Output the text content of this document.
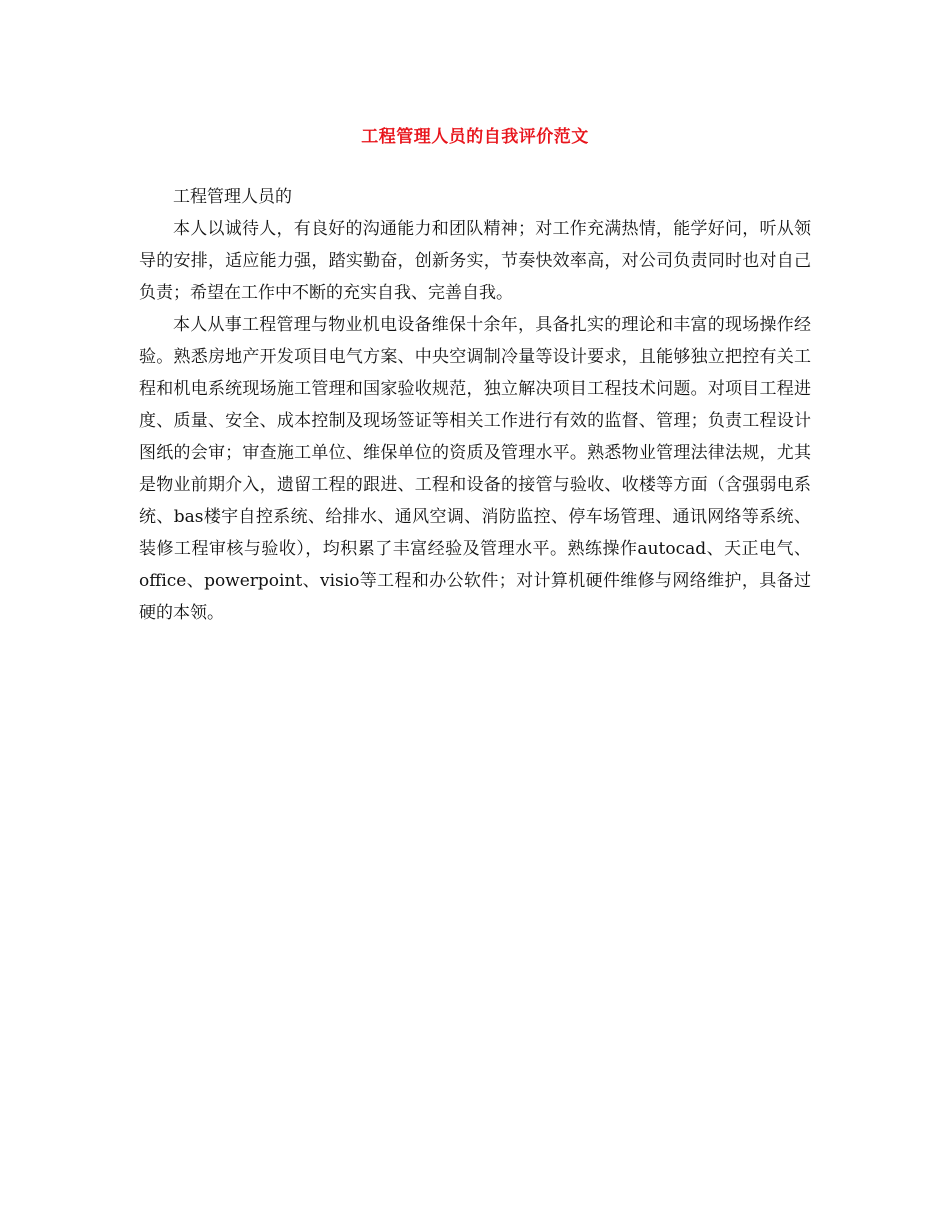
工程管理人员的自我评价范文

工程管理人员的

本人以诚待人，有良好的沟通能力和团队精神；对工作充满热情，能学好问，听从领导的安排，适应能力强，踏实勤奋，创新务实，节奏快效率高，对公司负责同时也对自己负责；希望在工作中不断的充实自我、完善自我。

本人从事工程管理与物业机电设备维保十余年，具备扎实的理论和丰富的现场操作经验。熟悉房地产开发项目电气方案、中央空调制冷量等设计要求，且能够独立把控有关工程和机电系统现场施工管理和国家验收规范，独立解决项目工程技术问题。对项目工程进度、质量、安全、成本控制及现场签证等相关工作进行有效的监督、管理；负责工程设计图纸的会审；审查施工单位、维保单位的资质及管理水平。熟悉物业管理法律法规，尤其是物业前期介入，遗留工程的跟进、工程和设备的接管与验收、收楼等方面（含强弱电系统、bas楼宇自控系统、给排水、通风空调、消防监控、停车场管理、通讯网络等系统、装修工程审核与验收），均积累了丰富经验及管理水平。熟练操作autocad、天正电气、office、powerpoint、visio等工程和办公软件；对计算机硬件维修与网络维护，具备过硬的本领。
